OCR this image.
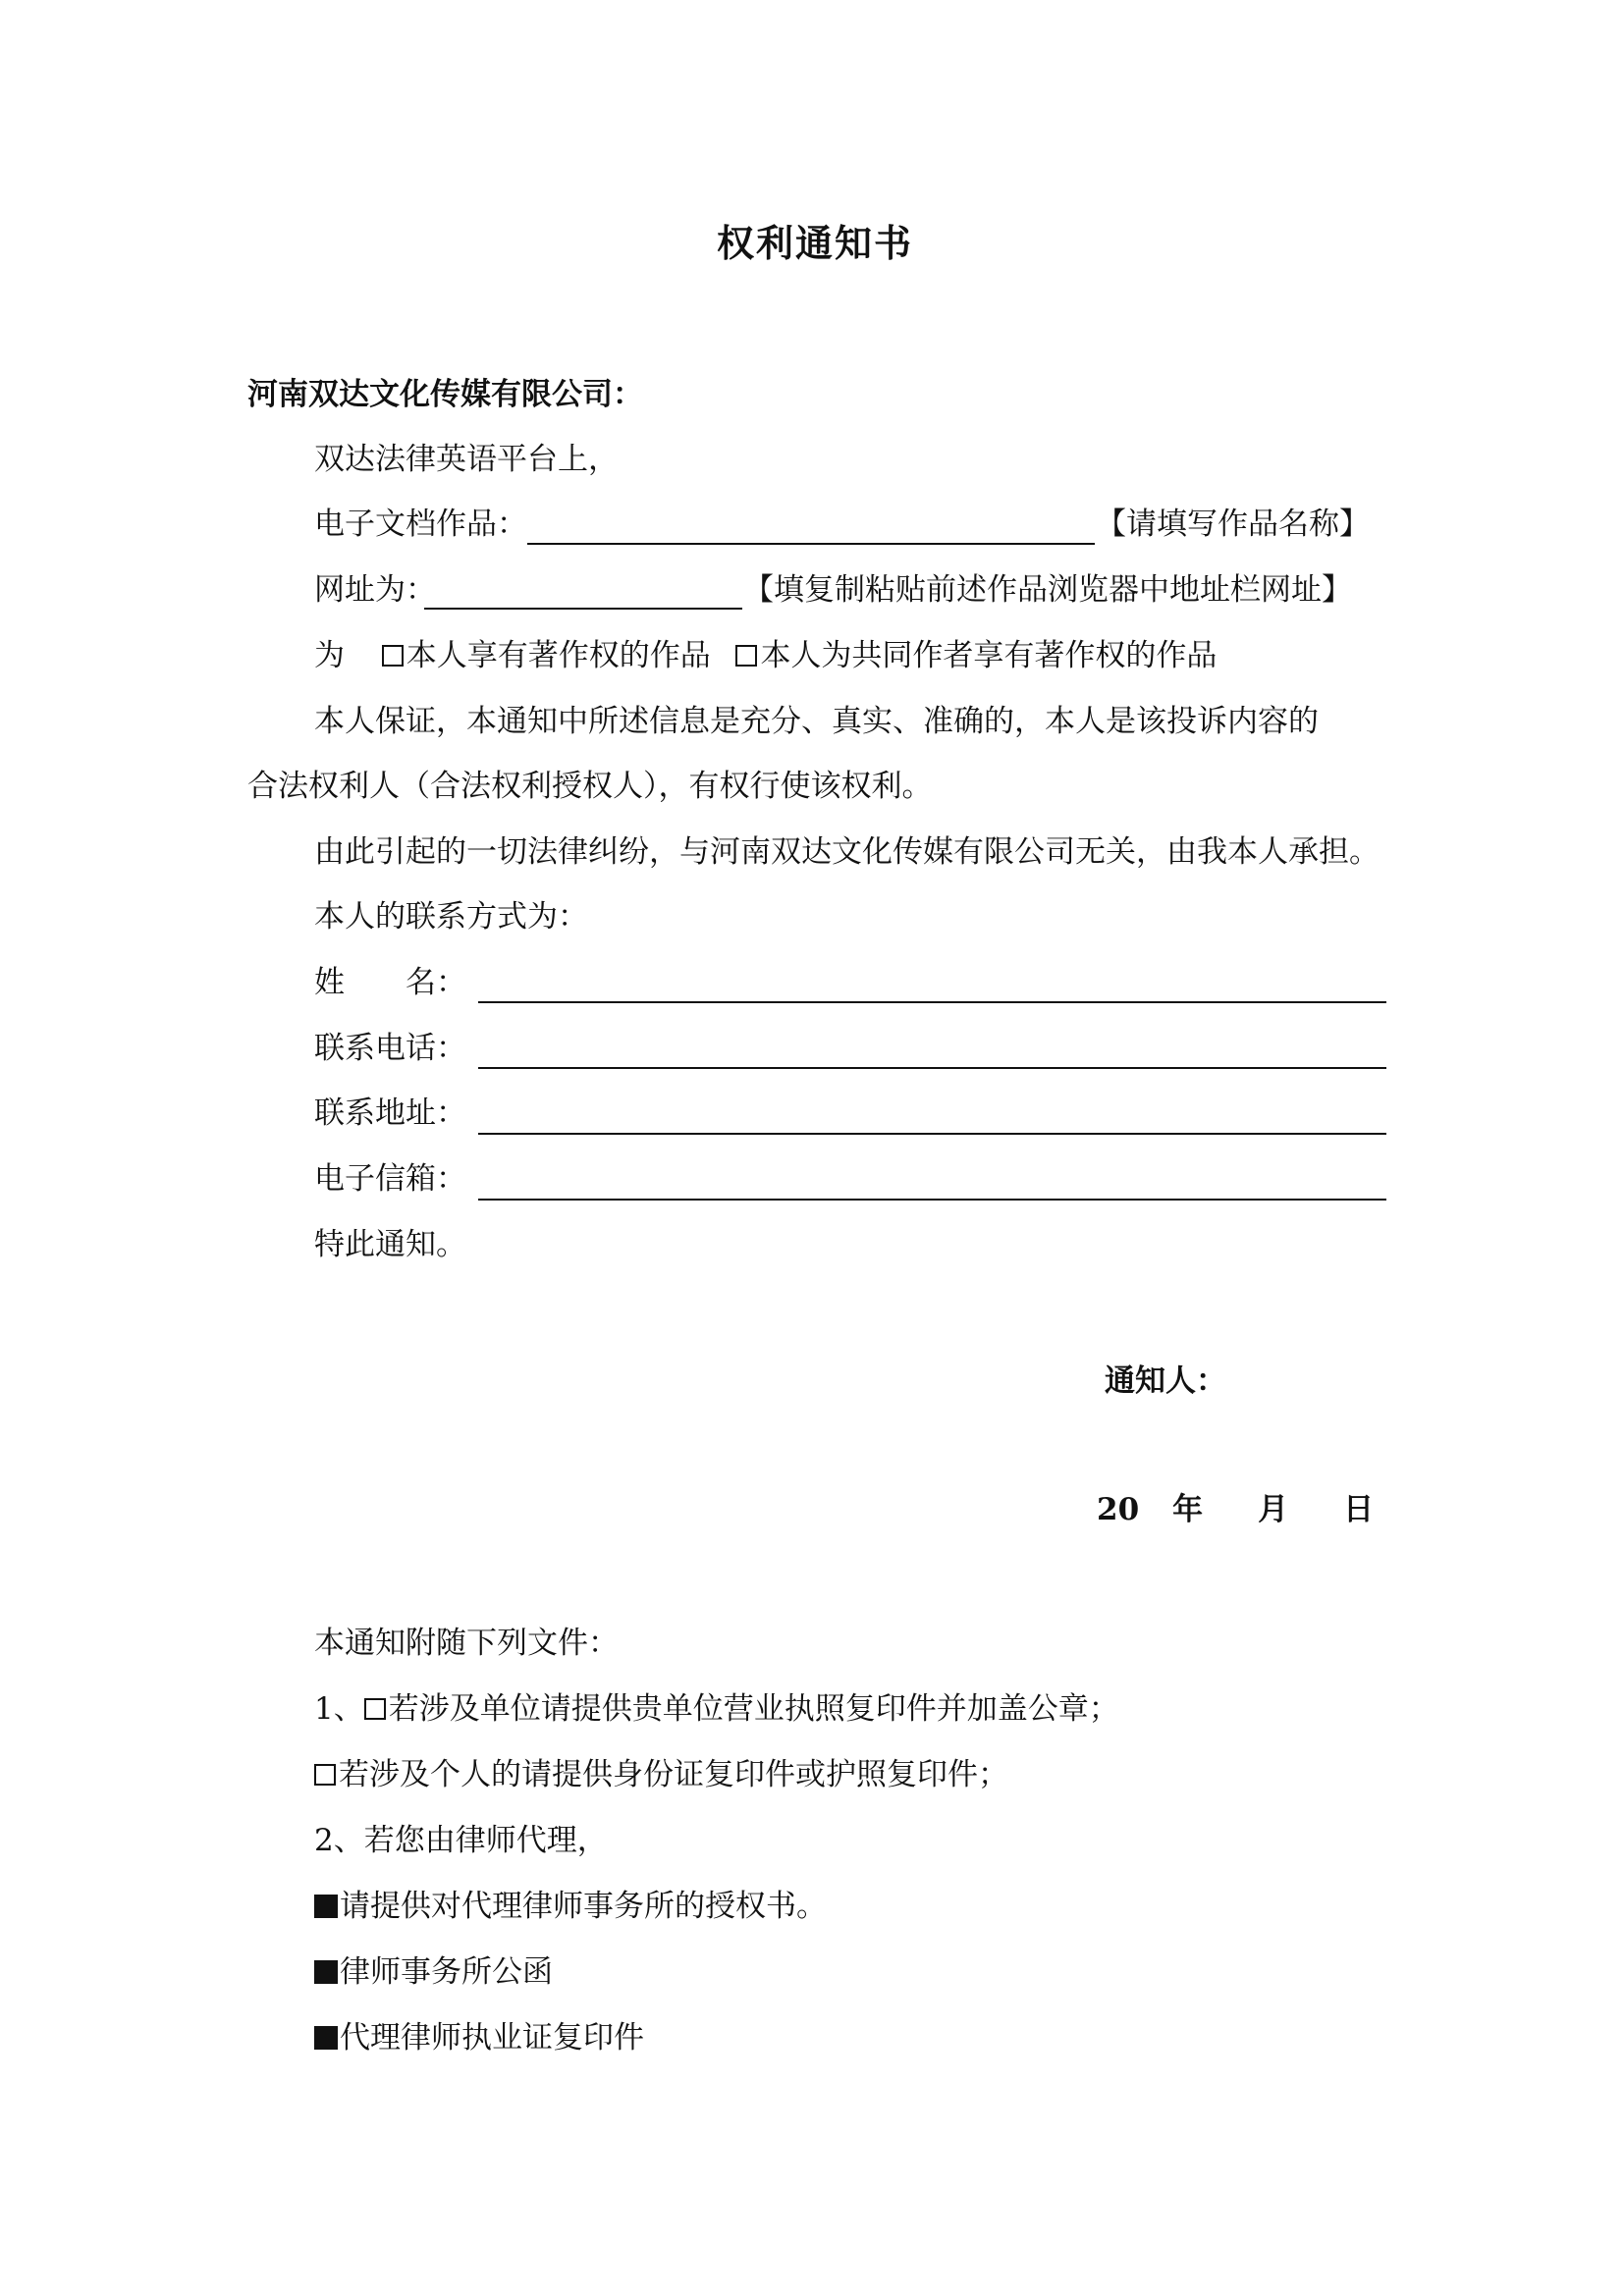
权利通知书
河南双达文化传媒有限公司：
双达法律英语平台上，
电子文档作品：	【请填写作品名称】
网址为：	【填复制粘贴前述作品浏览器中地址栏网址】
为 本人享有著作权的作品 本人为共同作者享有著作权的作品
本人保证，本通知中所述信息是充分、真实、准确的，本人是该投诉内容的
合法权利人（合法权利授权人），有权行使该权利。
由此引起的一切法律纠纷，与河南双达文化传媒有限公司无关，由我本人承担。
本人的联系方式为：
姓　　名：
联系电话：
联系地址：
电子信箱：
特此通知。
通知人：
20 年 月 日
本通知附随下列文件：
1、 若涉及单位请提供贵单位营业执照复印件并加盖公章；
若涉及个人的请提供身份证复印件或护照复印件；
2、若您由律师代理，
请提供对代理律师事务所的授权书。
律师事务所公函
代理律师执业证复印件
